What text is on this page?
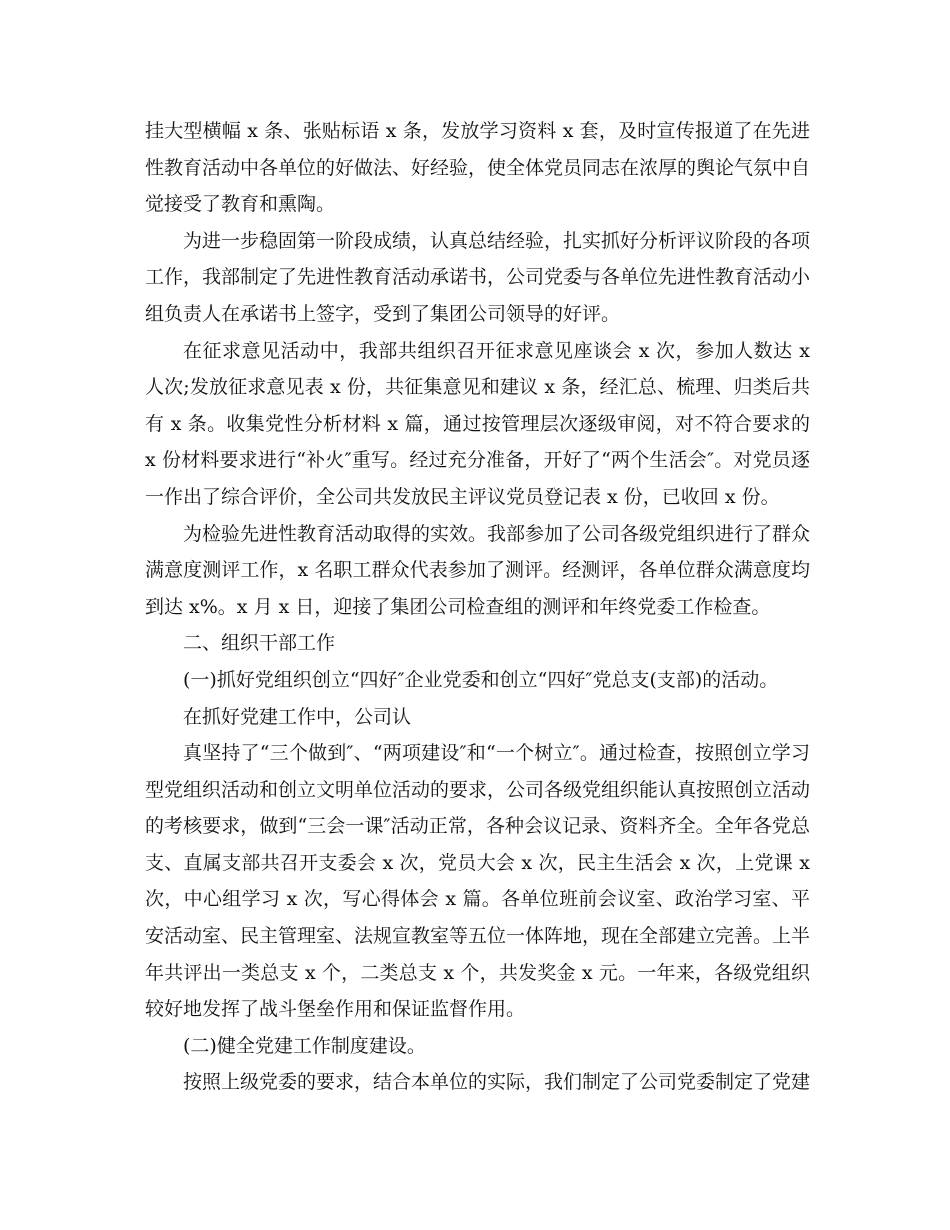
挂大型横幅 x 条、张贴标语 x 条，发放学习资料 x 套，及时宣传报道了在先进性教育活动中各单位的好做法、好经验，使全体党员同志在浓厚的舆论气氛中自觉接受了教育和熏陶。

为进一步稳固第一阶段成绩，认真总结经验，扎实抓好分析评议阶段的各项工作，我部制定了先进性教育活动承诺书，公司党委与各单位先进性教育活动小组负责人在承诺书上签字，受到了集团公司领导的好评。

在征求意见活动中，我部共组织召开征求意见座谈会 x 次，参加人数达 x 人次;发放征求意见表 x 份，共征集意见和建议 x 条，经汇总、梳理、归类后共有 x 条。收集党性分析材料 x 篇，通过按管理层次逐级审阅，对不符合要求的 x 份材料要求进行“补火″重写。经过充分准备，开好了“两个生活会″。对党员逐一作出了综合评价，全公司共发放民主评议党员登记表 x 份，已收回 x 份。

为检验先进性教育活动取得的实效。我部参加了公司各级党组织进行了群众满意度测评工作，x 名职工群众代表参加了测评。经测评，各单位群众满意度均到达 x%。x 月 x 日，迎接了集团公司检查组的测评和年终党委工作检查。

二、组织干部工作

(一)抓好党组织创立“四好″企业党委和创立“四好″党总支(支部)的活动。

在抓好党建工作中，公司认

真坚持了“三个做到″、“两项建设″和“一个树立″。通过检查，按照创立学习型党组织活动和创立文明单位活动的要求，公司各级党组织能认真按照创立活动的考核要求，做到“三会一课″活动正常，各种会议记录、资料齐全。全年各党总支、直属支部共召开支委会 x 次，党员大会 x 次，民主生活会 x 次，上党课 x 次，中心组学习 x 次，写心得体会 x 篇。各单位班前会议室、政治学习室、平安活动室、民主管理室、法规宣教室等五位一体阵地，现在全部建立完善。上半年共评出一类总支 x 个，二类总支 x 个，共发奖金 x 元。一年来，各级党组织较好地发挥了战斗堡垒作用和保证监督作用。

(二)健全党建工作制度建设。

按照上级党委的要求，结合本单位的实际，我们制定了公司党委制定了党建
